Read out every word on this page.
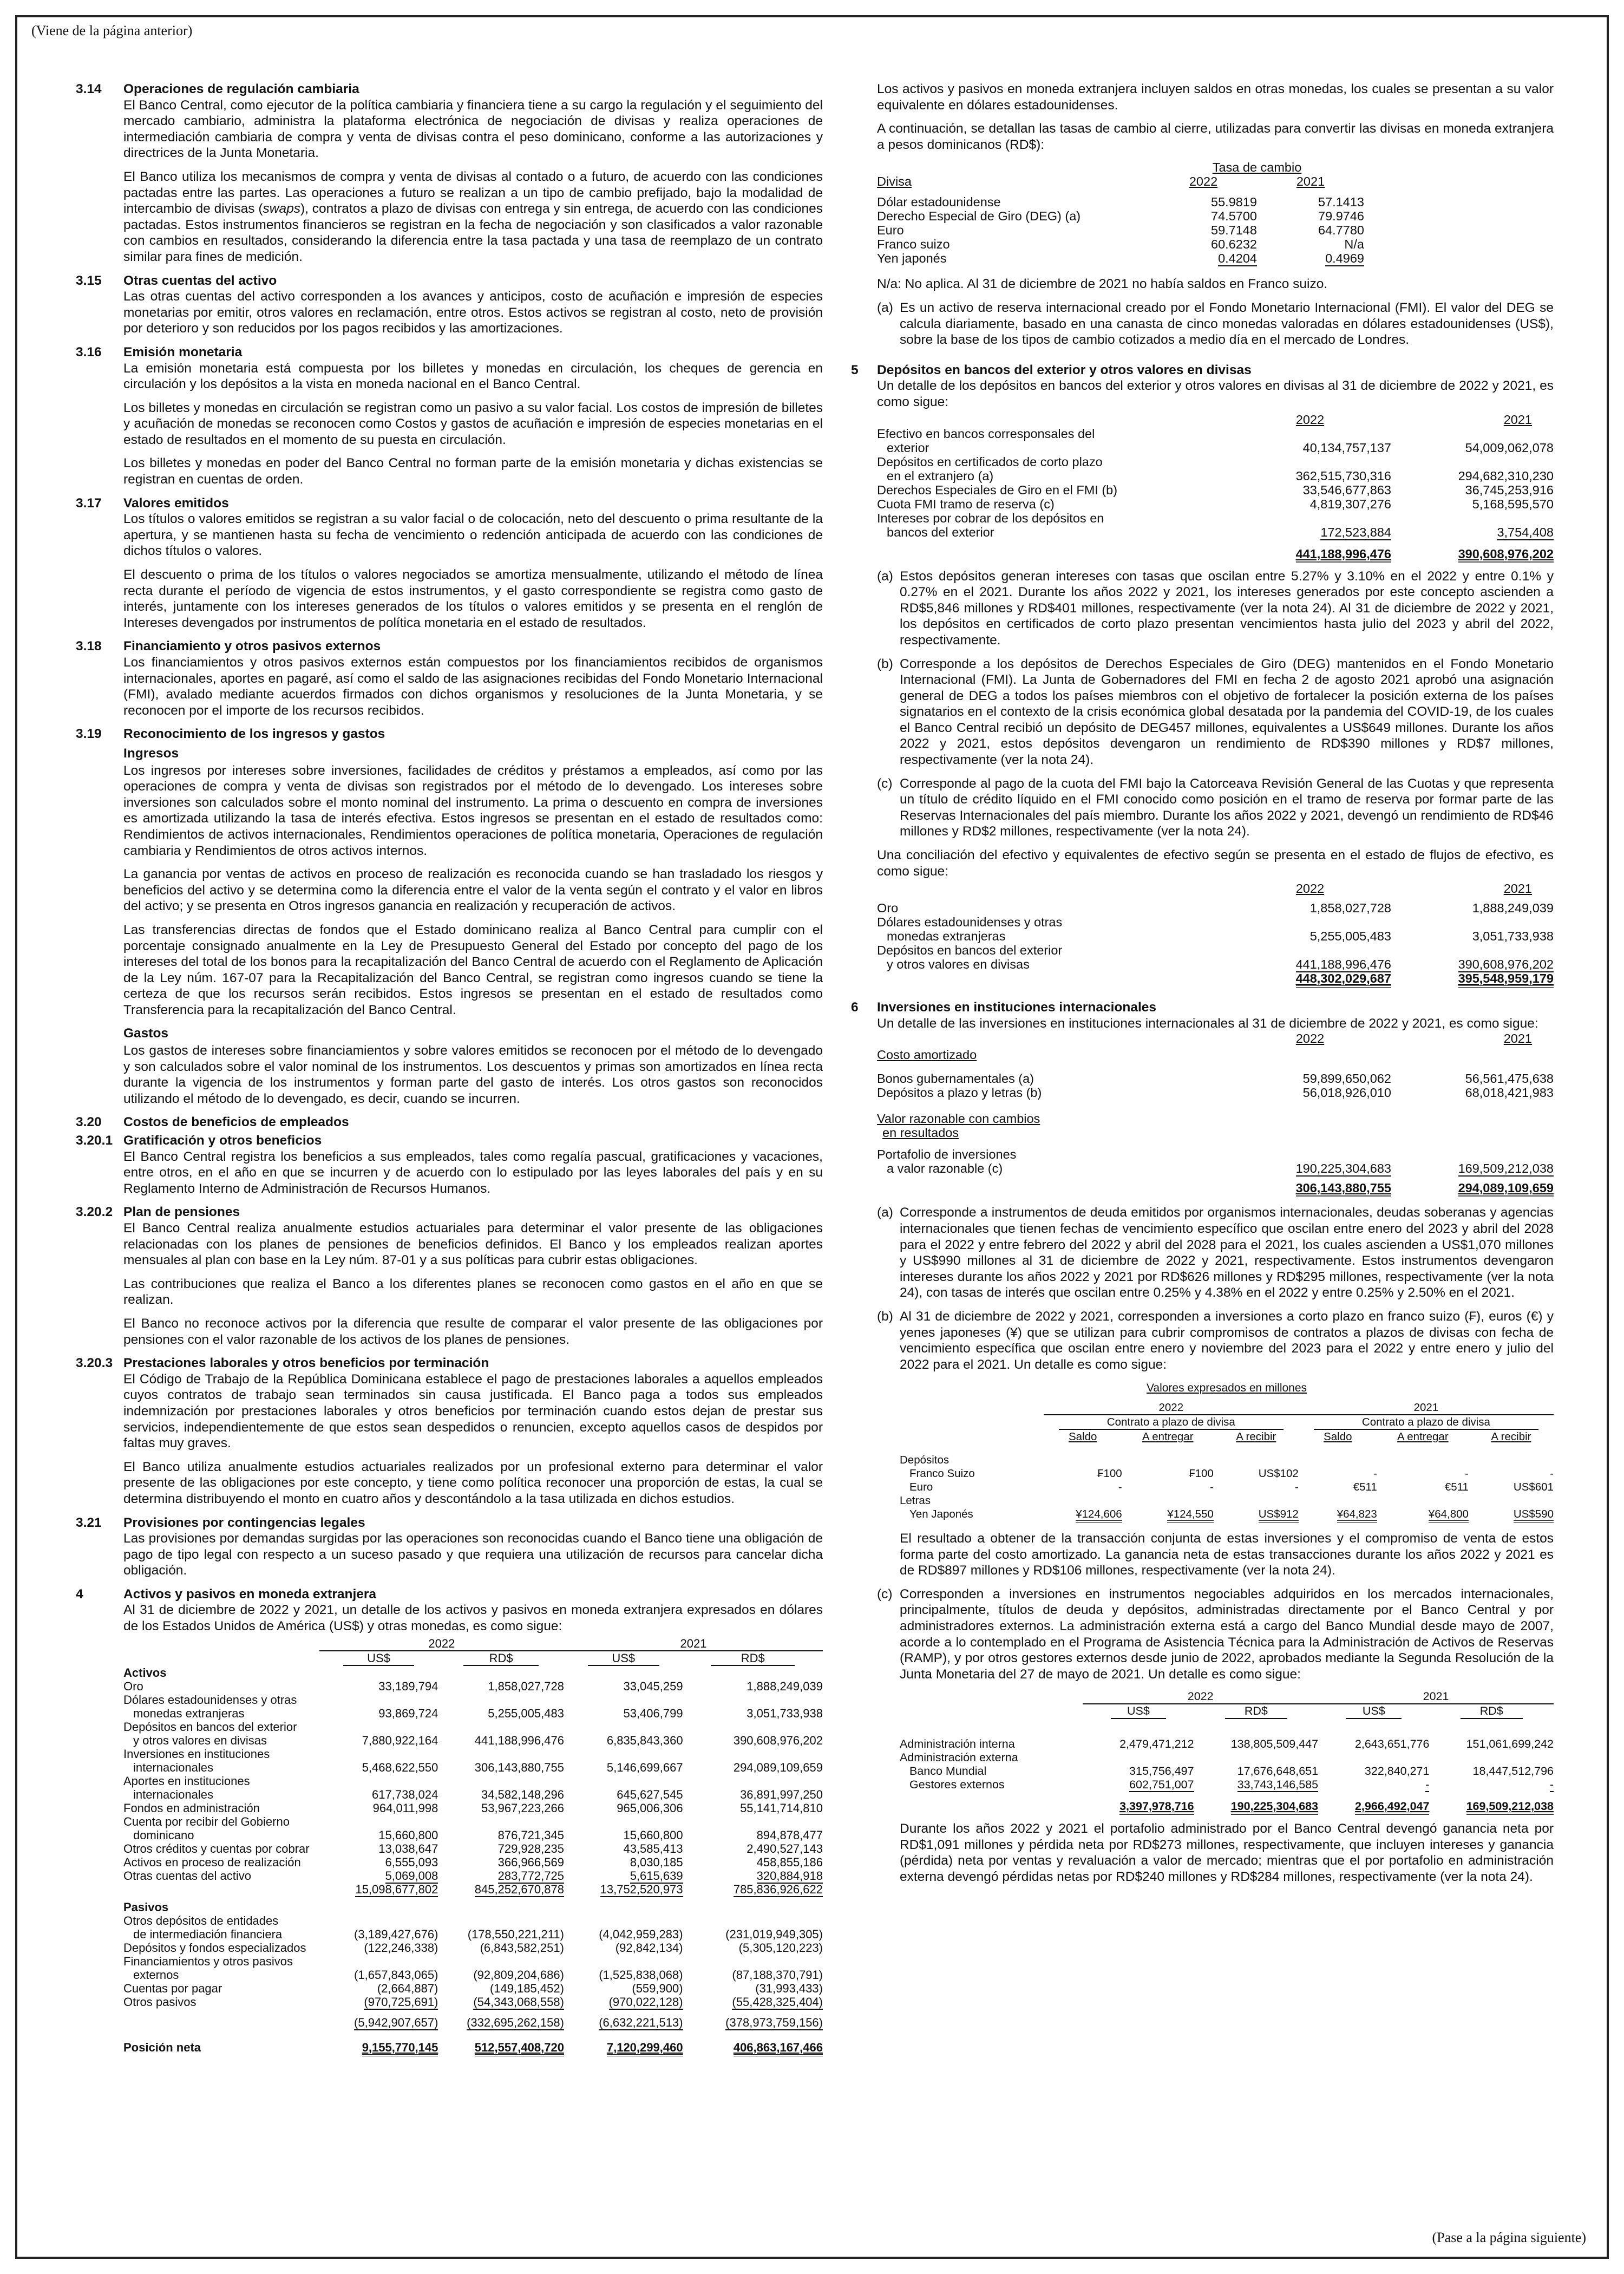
(Viene de la página anterior)
(Pase a la página siguiente)
3.14 Operaciones de regulación cambiaria

El Banco Central, como ejecutor de la política cambiaria y financiera tiene a su cargo la regulación y el seguimiento del mercado cambiario, administra la plataforma electrónica de negociación de divisas y realiza operaciones de intermediación cambiaria de compra y venta de divisas contra el peso dominicano, conforme a las autorizaciones y directrices de la Junta Monetaria.

El Banco utiliza los mecanismos de compra y venta de divisas al contado o a futuro, de acuerdo con las condiciones pactadas entre las partes. Las operaciones a futuro se realizan a un tipo de cambio prefijado, bajo la modalidad de intercambio de divisas (swaps), contratos a plazo de divisas con entrega y sin entrega, de acuerdo con las condiciones pactadas. Estos instrumentos financieros se registran en la fecha de negociación y son clasificados a valor razonable con cambios en resultados, considerando la diferencia entre la tasa pactada y una tasa de reemplazo de un contrato similar para fines de medición.

3.15 Otras cuentas del activo

Las otras cuentas del activo corresponden a los avances y anticipos, costo de acuñación e impresión de especies monetarias por emitir, otros valores en reclamación, entre otros. Estos activos se registran al costo, neto de provisión por deterioro y son reducidos por los pagos recibidos y las amortizaciones.

3.16 Emisión monetaria

La emisión monetaria está compuesta por los billetes y monedas en circulación, los cheques de gerencia en circulación y los depósitos a la vista en moneda nacional en el Banco Central.

Los billetes y monedas en circulación se registran como un pasivo a su valor facial. Los costos de impresión de billetes y acuñación de monedas se reconocen como Costos y gastos de acuñación e impresión de especies monetarias en el estado de resultados en el momento de su puesta en circulación.

Los billetes y monedas en poder del Banco Central no forman parte de la emisión monetaria y dichas existencias se registran en cuentas de orden.

3.17 Valores emitidos

Los títulos o valores emitidos se registran a su valor facial o de colocación, neto del descuento o prima resultante de la apertura, y se mantienen hasta su fecha de vencimiento o redención anticipada de acuerdo con las condiciones de dichos títulos o valores.

El descuento o prima de los títulos o valores negociados se amortiza mensualmente, utilizando el método de línea recta durante el período de vigencia de estos instrumentos, y el gasto correspondiente se registra como gasto de interés, juntamente con los intereses generados de los títulos o valores emitidos y se presenta en el renglón de Intereses devengados por instrumentos de política monetaria en el estado de resultados.

3.18 Financiamiento y otros pasivos externos

Los financiamientos y otros pasivos externos están compuestos por los financiamientos recibidos de organismos internacionales, aportes en pagaré, así como el saldo de las asignaciones recibidas del Fondo Monetario Internacional (FMI), avalado mediante acuerdos firmados con dichos organismos y resoluciones de la Junta Monetaria, y se reconocen por el importe de los recursos recibidos.

3.19 Reconocimiento de los ingresos y gastos
Ingresos

Los ingresos por intereses sobre inversiones, facilidades de créditos y préstamos a empleados, así como por las operaciones de compra y venta de divisas son registrados por el método de lo devengado. Los intereses sobre inversiones son calculados sobre el monto nominal del instrumento. La prima o descuento en compra de inversiones es amortizada utilizando la tasa de interés efectiva. Estos ingresos se presentan en el estado de resultados como: Rendimientos de activos internacionales, Rendimientos operaciones de política monetaria, Operaciones de regulación cambiaria y Rendimientos de otros activos internos.

La ganancia por ventas de activos en proceso de realización es reconocida cuando se han trasladado los riesgos y beneficios del activo y se determina como la diferencia entre el valor de la venta según el contrato y el valor en libros del activo; y se presenta en Otros ingresos ganancia en realización y recuperación de activos.

Las transferencias directas de fondos que el Estado dominicano realiza al Banco Central para cumplir con el porcentaje consignado anualmente en la Ley de Presupuesto General del Estado por concepto del pago de los intereses del total de los bonos para la recapitalización del Banco Central de acuerdo con el Reglamento de Aplicación de la Ley núm. 167-07 para la Recapitalización del Banco Central, se registran como ingresos cuando se tiene la certeza de que los recursos serán recibidos. Estos ingresos se presentan en el estado de resultados como Transferencia para la recapitalización del Banco Central.

Gastos

Los gastos de intereses sobre financiamientos y sobre valores emitidos se reconocen por el método de lo devengado y son calculados sobre el valor nominal de los instrumentos. Los descuentos y primas son amortizados en línea recta durante la vigencia de los instrumentos y forman parte del gasto de interés. Los otros gastos son reconocidos utilizando el método de lo devengado, es decir, cuando se incurren.

3.20 Costos de beneficios de empleados
3.20.1 Gratificación y otros beneficios

El Banco Central registra los beneficios a sus empleados, tales como regalía pascual, gratificaciones y vacaciones, entre otros, en el año en que se incurren y de acuerdo con lo estipulado por las leyes laborales del país y en su Reglamento Interno de Administración de Recursos Humanos.

3.20.2 Plan de pensiones

El Banco Central realiza anualmente estudios actuariales para determinar el valor presente de las obligaciones relacionadas con los planes de pensiones de beneficios definidos. El Banco y los empleados realizan aportes mensuales al plan con base en la Ley núm. 87-01 y a sus políticas para cubrir estas obligaciones.

Las contribuciones que realiza el Banco a los diferentes planes se reconocen como gastos en el año en que se realizan.

El Banco no reconoce activos por la diferencia que resulte de comparar el valor presente de las obligaciones por pensiones con el valor razonable de los activos de los planes de pensiones.

3.20.3 Prestaciones laborales y otros beneficios por terminación

El Código de Trabajo de la República Dominicana establece el pago de prestaciones laborales a aquellos empleados cuyos contratos de trabajo sean terminados sin causa justificada. El Banco paga a todos sus empleados indemnización por prestaciones laborales y otros beneficios por terminación cuando estos dejan de prestar sus servicios, independientemente de que estos sean despedidos o renuncien, excepto aquellos casos de despidos por faltas muy graves.

El Banco utiliza anualmente estudios actuariales realizados por un profesional externo para determinar el valor presente de las obligaciones por este concepto, y tiene como política reconocer una proporción de estas, la cual se determina distribuyendo el monto en cuatro años y descontándolo a la tasa utilizada en dichos estudios.

3.21 Provisiones por contingencias legales

Las provisiones por demandas surgidas por las operaciones son reconocidas cuando el Banco tiene una obligación de pago de tipo legal con respecto a un suceso pasado y que requiera una utilización de recursos para cancelar dicha obligación.

4	Activos y pasivos en moneda extranjera

Al 31 de diciembre de 2022 y 2021, un detalle de los activos y pasivos en moneda extranjera expresados en dólares de los Estados Unidos de América (US$) y otras monedas, es como sigue:

	2022		2021	
	US$	RD$	US$	RD$
Activos				

Oro	33,189,794	1,858,027,728	33,045,259	1,888,249,039

Dólares estadounidenses y otras
monedas extranjeras	93,869,724	5,255,005,483	53,406,799	3,051,733,938

Depósitos en bancos del exterior
y otros valores en divisas	7,880,922,164	441,188,996,476	6,835,843,360	390,608,976,202

Inversiones en instituciones
internacionales	5,468,622,550	306,143,880,755	5,146,699,667	294,089,109,659

Aportes en instituciones
internacionales	617,738,024	34,582,148,296	645,627,545	36,891,997,250

Fondos en administración	964,011,998	53,967,223,266	965,006,306	55,141,714,810

Cuenta por recibir del Gobierno
dominicano	15,660,800	876,721,345	15,660,800	894,878,477

Otros créditos y cuentas por cobrar	13,038,647	729,928,235	43,585,413	2,490,527,143

Activos en proceso de realización	6,555,093	366,966,569	8,030,185	458,855,186

Otras cuentas del activo	5,069,008	283,772,725	5,615,639	320,884,918
	15,098,677,802	845,252,670,878	13,752,520,973	785,836,926,622
Pasivos				

Otros depósitos de entidades
de intermediación financiera	(3,189,427,676)	(178,550,221,211)	(4,042,959,283)	(231,019,949,305)

Depósitos y fondos especializados	(122,246,338)	(6,843,582,251)	(92,842,134)	(5,305,120,223)

Financiamientos y otros pasivos
externos	(1,657,843,065)	(92,809,204,686)	(1,525,838,068)	(87,188,370,791)

Cuentas por pagar	(2,664,887)	(149,185,452)	(559,900)	(31,993,433)

Otros pasivos	(970,725,691)	(54,343,068,558)	(970,022,128)	(55,428,325,404)
	(5,942,907,657)	(332,695,262,158)	(6,632,221,513)	(378,973,759,156)
Posición neta	9,155,770,145	512,557,408,720	7,120,299,460	406,863,167,466

Los activos y pasivos en moneda extranjera incluyen saldos en otras monedas, los cuales se presentan a su valor equivalente en dólares estadounidenses.

A continuación, se detallan las tasas de cambio al cierre, utilizadas para convertir las divisas en moneda extranjera a pesos dominicanos (RD$):

	Tasa de cambio	
Divisa	2022	2021

Dólar estadounidense	55.9819	57.1413
Derecho Especial de Giro (DEG) (a)	74.5700	79.9746
Euro	59.7148	64.7780
Franco suizo	60.6232	N/a
Yen japonés	0.4204	0.4969

N/a: No aplica. Al 31 de diciembre de 2021 no había saldos en Franco suizo.

(a) Es un activo de reserva internacional creado por el Fondo Monetario Internacional (FMI). El valor del DEG se calcula diariamente, basado en una canasta de cinco monedas valoradas en dólares estadounidenses (US$), sobre la base de los tipos de cambio cotizados a medio día en el mercado de Londres.
5 Depósitos en bancos del exterior y otros valores en divisas

Un detalle de los depósitos en bancos del exterior y otros valores en divisas al 31 de diciembre de 2022 y 2021, es como sigue:

	2022	2021

Efectivo en bancos corresponsales del
exterior	40,134,757,137	54,009,062,078

Depósitos en certificados de corto plazo
en el extranjero (a)	362,515,730,316	294,682,310,230

Derechos Especiales de Giro en el FMI (b)	33,546,677,863	36,745,253,916

Cuota FMI tramo de reserva (c)	4,819,307,276	5,168,595,570

Intereses por cobrar de los depósitos en
bancos del exterior	172,523,884	3,754,408
	441,188,996,476	390,608,976,202
(a) Estos depósitos generan intereses con tasas que oscilan entre 5.27% y 3.10% en el 2022 y entre 0.1% y 0.27% en el 2021. Durante los años 2022 y 2021, los intereses generados por este concepto ascienden a RD$5,846 millones y RD$401 millones, respectivamente (ver la nota 24). Al 31 de diciembre de 2022 y 2021, los depósitos en certificados de corto plazo presentan vencimientos hasta julio del 2023 y abril del 2022, respectivamente.
(b) Corresponde a los depósitos de Derechos Especiales de Giro (DEG) mantenidos en el Fondo Monetario Internacional (FMI). La Junta de Gobernadores del FMI en fecha 2 de agosto 2021 aprobó una asignación general de DEG a todos los países miembros con el objetivo de fortalecer la posición externa de los países signatarios en el contexto de la crisis económica global desatada por la pandemia del COVID-19, de los cuales el Banco Central recibió un depósito de DEG457 millones, equivalentes a US$649 millones. Durante los años 2022 y 2021, estos depósitos devengaron un rendimiento de RD$390 millones y RD$7 millones, respectivamente (ver la nota 24).
(c) Corresponde al pago de la cuota del FMI bajo la Catorceava Revisión General de las Cuotas y que representa un título de crédito líquido en el FMI conocido como posición en el tramo de reserva por formar parte de las Reservas Internacionales del país miembro. Durante los años 2022 y 2021, devengó un rendimiento de RD$46 millones y RD$2 millones, respectivamente (ver la nota 24).

Una conciliación del efectivo y equivalentes de efectivo según se presenta en el estado de flujos de efectivo, es como sigue:

	2022	2021

Oro	1,858,027,728	1,888,249,039

Dólares estadounidenses y otras
monedas extranjeras	5,255,005,483	3,051,733,938

Depósitos en bancos del exterior
y otros valores en divisas	441,188,996,476	390,608,976,202
	448,302,029,687	395,548,959,179
6 Inversiones en instituciones internacionales

Un detalle de las inversiones en instituciones internacionales al 31 de diciembre de 2022 y 2021, es como sigue:

	2022	2021
Costo amortizado		

Bonos gubernamentales (a)	59,899,650,062	56,561,475,638
Depósitos a plazo y letras (b)	56,018,926,010	68,018,421,983

Valor razonable con cambios		
en resultados		

Portafolio de inversiones
a valor razonable (c)	190,225,304,683	169,509,212,038
	306,143,880,755	294,089,109,659
(a) Corresponde a instrumentos de deuda emitidos por organismos internacionales, deudas soberanas y agencias internacionales que tienen fechas de vencimiento específico que oscilan entre enero del 2023 y abril del 2028 para el 2022 y entre febrero del 2022 y abril del 2028 para el 2021, los cuales ascienden a US$1,070 millones y US$990 millones al 31 de diciembre de 2022 y 2021, respectivamente. Estos instrumentos devengaron intereses durante los años 2022 y 2021 por RD$626 millones y RD$295 millones, respectivamente (ver la nota 24), con tasas de interés que oscilan entre 0.25% y 4.38% en el 2022 y entre 0.25% y 2.50% en el 2021.
(b) Al 31 de diciembre de 2022 y 2021, corresponden a inversiones a corto plazo en franco suizo (₣), euros (€) y yenes japoneses (¥) que se utilizan para cubrir compromisos de contratos a plazos de divisas con fecha de vencimiento específica que oscilan entre enero y noviembre del 2023 para el 2022 y entre enero y julio del 2022 para el 2021. Un detalle es como sigue:
Valores expresados en millones
	2022			2021		
	Contrato a plazo de divisa			Contrato a plazo de divisa		
	Saldo	A entregar	A recibir	Saldo	A entregar	A recibir

Depósitos						
Franco Suizo	₣100	₣100	US$102	-	-	-
Euro	-	-	-	€511	€511	US$601
Letras						
Yen Japonés	¥124,606	¥124,550	US$912	¥64,823	¥64,800	US$590

El resultado a obtener de la transacción conjunta de estas inversiones y el compromiso de venta de estos forma parte del costo amortizado. La ganancia neta de estas transacciones durante los años 2022 y 2021 es de RD$897 millones y RD$106 millones, respectivamente (ver la nota 24).

(c) Corresponden a inversiones en instrumentos negociables adquiridos en los mercados internacionales, principalmente, títulos de deuda y depósitos, administradas directamente por el Banco Central y por administradores externos. La administración externa está a cargo del Banco Mundial desde mayo de 2007, acorde a lo contemplado en el Programa de Asistencia Técnica para la Administración de Activos de Reservas (RAMP), y por otros gestores externos desde junio de 2022, aprobados mediante la Segunda Resolución de la Junta Monetaria del 27 de mayo de 2021. Un detalle es como sigue:
	2022		2021	
	US$	RD$	US$	RD$

Administración interna	2,479,471,212	138,805,509,447	2,643,651,776	151,061,699,242
Administración externa				
Banco Mundial	315,756,497	17,676,648,651	322,840,271	18,447,512,796
Gestores externos	602,751,007	33,743,146,585	-	-
	3,397,978,716	190,225,304,683	2,966,492,047	169,509,212,038

Durante los años 2022 y 2021 el portafolio administrado por el Banco Central devengó ganancia neta por RD$1,091 millones y pérdida neta por RD$273 millones, respectivamente, que incluyen intereses y ganancia (pérdida) neta por ventas y revaluación a valor de mercado; mientras que el por portafolio en administración externa devengó pérdidas netas por RD$240 millones y RD$284 millones, respectivamente (ver la nota 24).
